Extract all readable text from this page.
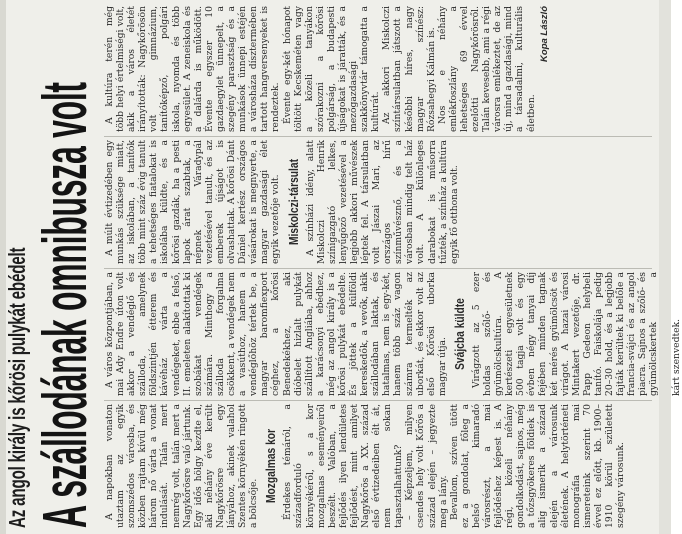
Az angol király is kőrösi pulykát ebédelt A szállodának omnibusza volt A napokban vonaton utaztam az egyik szomszédos városba, és közben rajtam kívül még három nő várta a vonat indulását. Talán mert nemrég volt, talán mert a Nagykőrösre való jártunk. Egy idős hölgy kezdte el, aki néhány éve került Nagykőrösre egy lányához, akinek valahol Szentes környékén ringott a bölcsője.

Mozgalmas kor Érdekes témáról, a századforduló környékéről, s a kor mozgalmas eseményeiről beszélt. Valóban, a fejlődés ilyen lendületes fejlődést, mint amilyet Nagykőrös a XX. század első évtizedeiben élt át, nem sokan tapasztalhattunk? – Képzeljem, milyen csendes hely volt Kőrös a század elején – jegyezte meg a lány. Bevallom, szíven ütött ez a gondolat, főleg a belső kimaradó városrészt, a mai fejlődéshez képest is. A régi, közeli néhány gondolkodást, sajnos, még a tőzsgyökeres földiek is alig ismerik a század elején a városunk életének. A helytörténeti monográfia mai ismereteink szerint 70 évvel ez előtt, kb. 1900–1910 körül született szegény városunk.

A város központjában, a mai Ady Endre úton volt akkor a vendéglő és szálloda, amelynek földszintjén étterem és kávéház várta a vendégeket, ebbe a felső, II. emeleten alakítottak ki szobákat vendégek számára. Minthogy a szálloda forgalma csökkent, a vendégek nem a vasúthoz, hanem a vendéglőhöz tértek be, a magyar baromfiexport céghez, a kőrösi Benedekékhez, aki dióbelet hizlalt pulykát szállított Angliába, ahhoz a karácsonyi ebédhez, még az angol király is a kőrösi pulykát ebédelte. És jöttek a külföldi kereskedők, a vevők, akik szállodában laktak, és hatalmas, nem is egy-két, hanem több száz vagon számra termelték az uborkát, és ekkor volt az első Kőrösi uborka magyar útja. Svájcba küldte Virágzott az 5 ezer holdas szőlő- és gyümölcskultúra. A kertészeti egyesületnek 500 tagja volt és egy évben négy tanyai díj fejében minden tagnak két mérés gyümölcsöt és virágot. A hazai városi Mintakert vezetője, dr. Papp Gedeon helybeli tanító. Faiskolája pedig 20–30 hold, és a legjobb fajták kerültek ki belőle a francia-svájci és az angol piacra. Sajnos a szőlő- és gyümölcskertek a kárt szenvedtek.

A múlt évtizedében egy munkás szüksége miatt, az iskolában, a tanítók több mint száz évig tanult a tehetséges fiatalokat is iskolába küldte, és a kőrösi gazdák, ha a pesti lapok árat szabtak, a népnek Váradypál vezetésével tanult, és az emberek újságot is olvashattak. A kőrösi Dánt Dániel kertész országos vásárokat is megnyerte, a magyar gazdasági élet egyik vezetője volt. Miskolczi-társulat A színházi idény, alatt Miskolczi Henrik színigazgató lelkes, lenyűgöző vezetésével a legjobb akkori művészek léptek fel. A társulatban volt Jászai Mari, az országos hírű színművésznő, és a városban mindig telt ház volt. A különleges darabokat is műsorra tűzték, a színház a kultúra egyik fő otthona volt.

A kultúra terén még több helyi értelmiségi volt, akik a város életét irányították: Nagykőrösön volt gimnázium, tanítóképző, polgári iskola, nyomda és több egyesület. A zeneiskola és a dalárda is működött. Évente egyszer 10 gazdaegylet ünnepelt, a szegény parasztság és a munkások ünnepi estéjén a városháza dísztermében tartott hangversenyeket is rendeztek. Évente egy-két hónapot töltött Kecskeméten vagy a közeli tanyákon szórakozni a kőrösi polgárság, a budapesti újságokat is járatták, és a mezőgazdasági szakkönyvtár támogatta a kultúrát. Az akkori Miskolczi színtársulatban játszott a későbbi híres, nagy magyar színész: Rózsahegyi Kálmán is. Nos e néhány emlékfoszlány a lehetséges 69 évvel ezelőtti Nagykőrösről. Talán kevesebb, ami a régi városra emlékeztet, de az új, mind a gazdasági, mind a társadalmi, kulturális életben.

Kopa László
